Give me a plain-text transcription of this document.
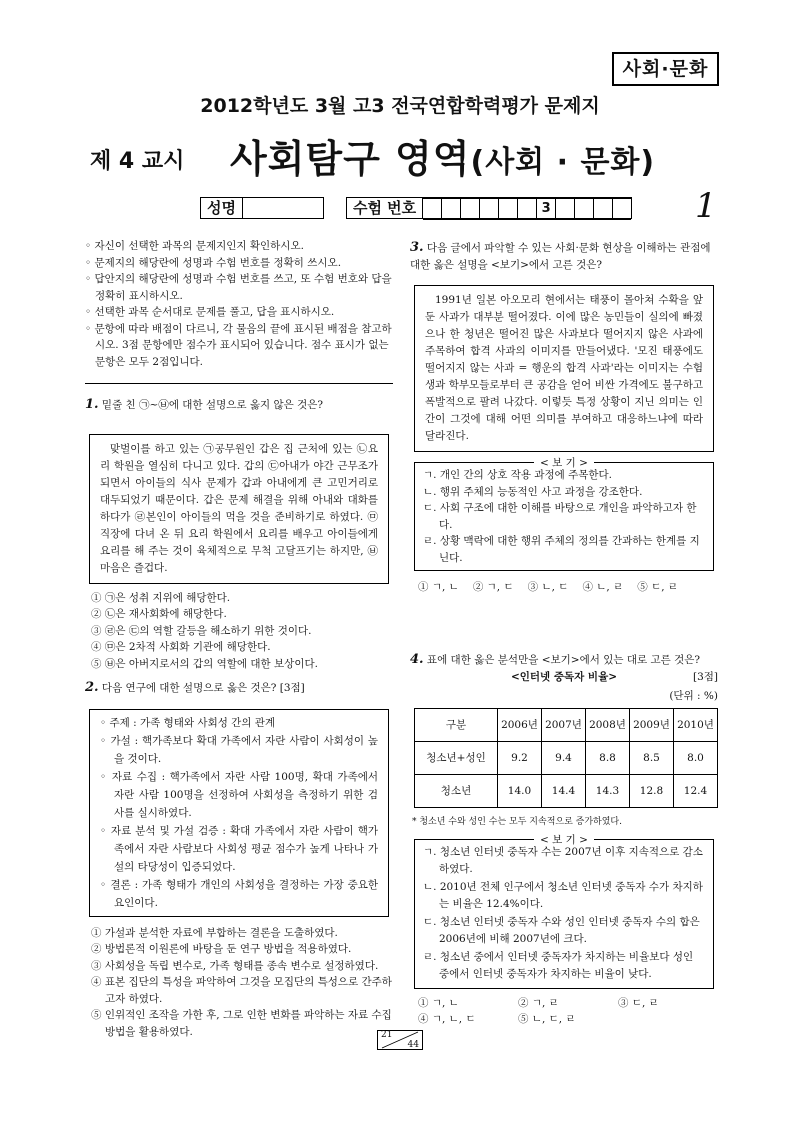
사회·문화
2012학년도 3월 고3 전국연합학력평가 문제지
제 4 교시 사회탐구 영역(사회 · 문화)
성명	수험 번호	3	1
◦ 자신이 선택한 과목의 문제지인지 확인하시오.
◦ 문제지의 해당란에 성명과 수험 번호를 정확히 쓰시오.
◦ 답안지의 해당란에 성명과 수험 번호를 쓰고, 또 수험 번호와 답을 정확히 표시하시오.
◦ 선택한 과목 순서대로 문제를 풀고, 답을 표시하시오.
◦ 문항에 따라 배점이 다르니, 각 물음의 끝에 표시된 배점을 참고하시오. 3점 문항에만 점수가 표시되어 있습니다. 점수 표시가 없는 문항은 모두 2점입니다.
1. 밑줄 친 ㉠~㉥에 대한 설명으로 옳지 않은 것은?
맞벌이를 하고 있는 ㉠공무원인 갑은 집 근처에 있는 ㉡요리 학원을 열심히 다니고 있다. 갑의 ㉢아내가 야간 근무조가 되면서 아이들의 식사 문제가 갑과 아내에게 큰 고민거리로 대두되었기 때문이다. 갑은 문제 해결을 위해 아내와 대화를 하다가 ㉣본인이 아이들의 먹을 것을 준비하기로 하였다. ㉤직장에 다녀 온 뒤 요리 학원에서 요리를 배우고 아이들에게 요리를 해 주는 것이 육체적으로 무척 고달프기는 하지만, ㉥마음은 즐겁다.
① ㉠은 성취 지위에 해당한다.
② ㉡은 재사회화에 해당한다.
③ ㉣은 ㉢의 역할 갈등을 해소하기 위한 것이다.
④ ㉤은 2차적 사회화 기관에 해당한다.
⑤ ㉥은 아버지로서의 갑의 역할에 대한 보상이다.
2. 다음 연구에 대한 설명으로 옳은 것은? [3점]
◦ 주제 : 가족 형태와 사회성 간의 관계
◦ 가설 : 핵가족보다 확대 가족에서 자란 사람이 사회성이 높을 것이다.
◦ 자료 수집 : 핵가족에서 자란 사람 100명, 확대 가족에서 자란 사람 100명을 선정하여 사회성을 측정하기 위한 검사를 실시하였다.
◦ 자료 분석 및 가설 검증 : 확대 가족에서 자란 사람이 핵가족에서 자란 사람보다 사회성 평균 점수가 높게 나타나 가설의 타당성이 입증되었다.
◦ 결론 : 가족 형태가 개인의 사회성을 결정하는 가장 중요한 요인이다.
① 가설과 분석한 자료에 부합하는 결론을 도출하였다.
② 방법론적 이원론에 바탕을 둔 연구 방법을 적용하였다.
③ 사회성을 독립 변수로, 가족 형태를 종속 변수로 설정하였다.
④ 표본 집단의 특성을 파악하여 그것을 모집단의 특성으로 간주하고자 하였다.
⑤ 인위적인 조작을 가한 후, 그로 인한 변화를 파악하는 자료 수집 방법을 활용하였다.
3. 다음 글에서 파악할 수 있는 사회·문화 현상을 이해하는 관점에 대한 옳은 설명을 <보기>에서 고른 것은?
1991년 일본 아오모리 현에서는 태풍이 몰아쳐 수확을 앞둔 사과가 대부분 떨어졌다. 이에 많은 농민들이 실의에 빠졌으나 한 청년은 떨어진 많은 사과보다 떨어지지 않은 사과에 주목하여 합격 사과의 이미지를 만들어냈다. '모진 태풍에도 떨어지지 않는 사과 = 행운의 합격 사과'라는 이미지는 수험생과 학부모들로부터 큰 공감을 얻어 비싼 가격에도 불구하고 폭발적으로 팔려 나갔다. 이렇듯 특정 상황이 지닌 의미는 인간이 그것에 대해 어떤 의미를 부여하고 대응하느냐에 따라 달라진다.
< 보 기 >
ㄱ. 개인 간의 상호 작용 과정에 주목한다.
ㄴ. 행위 주체의 능동적인 사고 과정을 강조한다.
ㄷ. 사회 구조에 대한 이해를 바탕으로 개인을 파악하고자 한다.
ㄹ. 상황 맥락에 대한 행위 주체의 정의를 간과하는 한계를 지닌다.
① ㄱ, ㄴ ② ㄱ, ㄷ ③ ㄴ, ㄷ ④ ㄴ, ㄹ ⑤ ㄷ, ㄹ
4. 표에 대한 옳은 분석만을 <보기>에서 있는 대로 고른 것은?
[3점]
<인터넷 중독자 비율>
(단위 : %)
구분	2006년	2007년	2008년	2009년	2010년
청소년+성인	9.2	9.4	8.8	8.5	8.0
청소년	14.0	14.4	14.3	12.8	12.4
* 청소년 수와 성인 수는 모두 지속적으로 증가하였다.
< 보 기 >
ㄱ. 청소년 인터넷 중독자 수는 2007년 이후 지속적으로 감소하였다.
ㄴ. 2010년 전체 인구에서 청소년 인터넷 중독자 수가 차지하는 비율은 12.4%이다.
ㄷ. 청소년 인터넷 중독자 수와 성인 인터넷 중독자 수의 합은 2006년에 비해 2007년에 크다.
ㄹ. 청소년 중에서 인터넷 중독자가 차지하는 비율보다 성인 중에서 인터넷 중독자가 차지하는 비율이 낮다.
① ㄱ, ㄴ	② ㄱ, ㄹ	③ ㄷ, ㄹ
④ ㄱ, ㄴ, ㄷ	⑤ ㄴ, ㄷ, ㄹ
21
44
